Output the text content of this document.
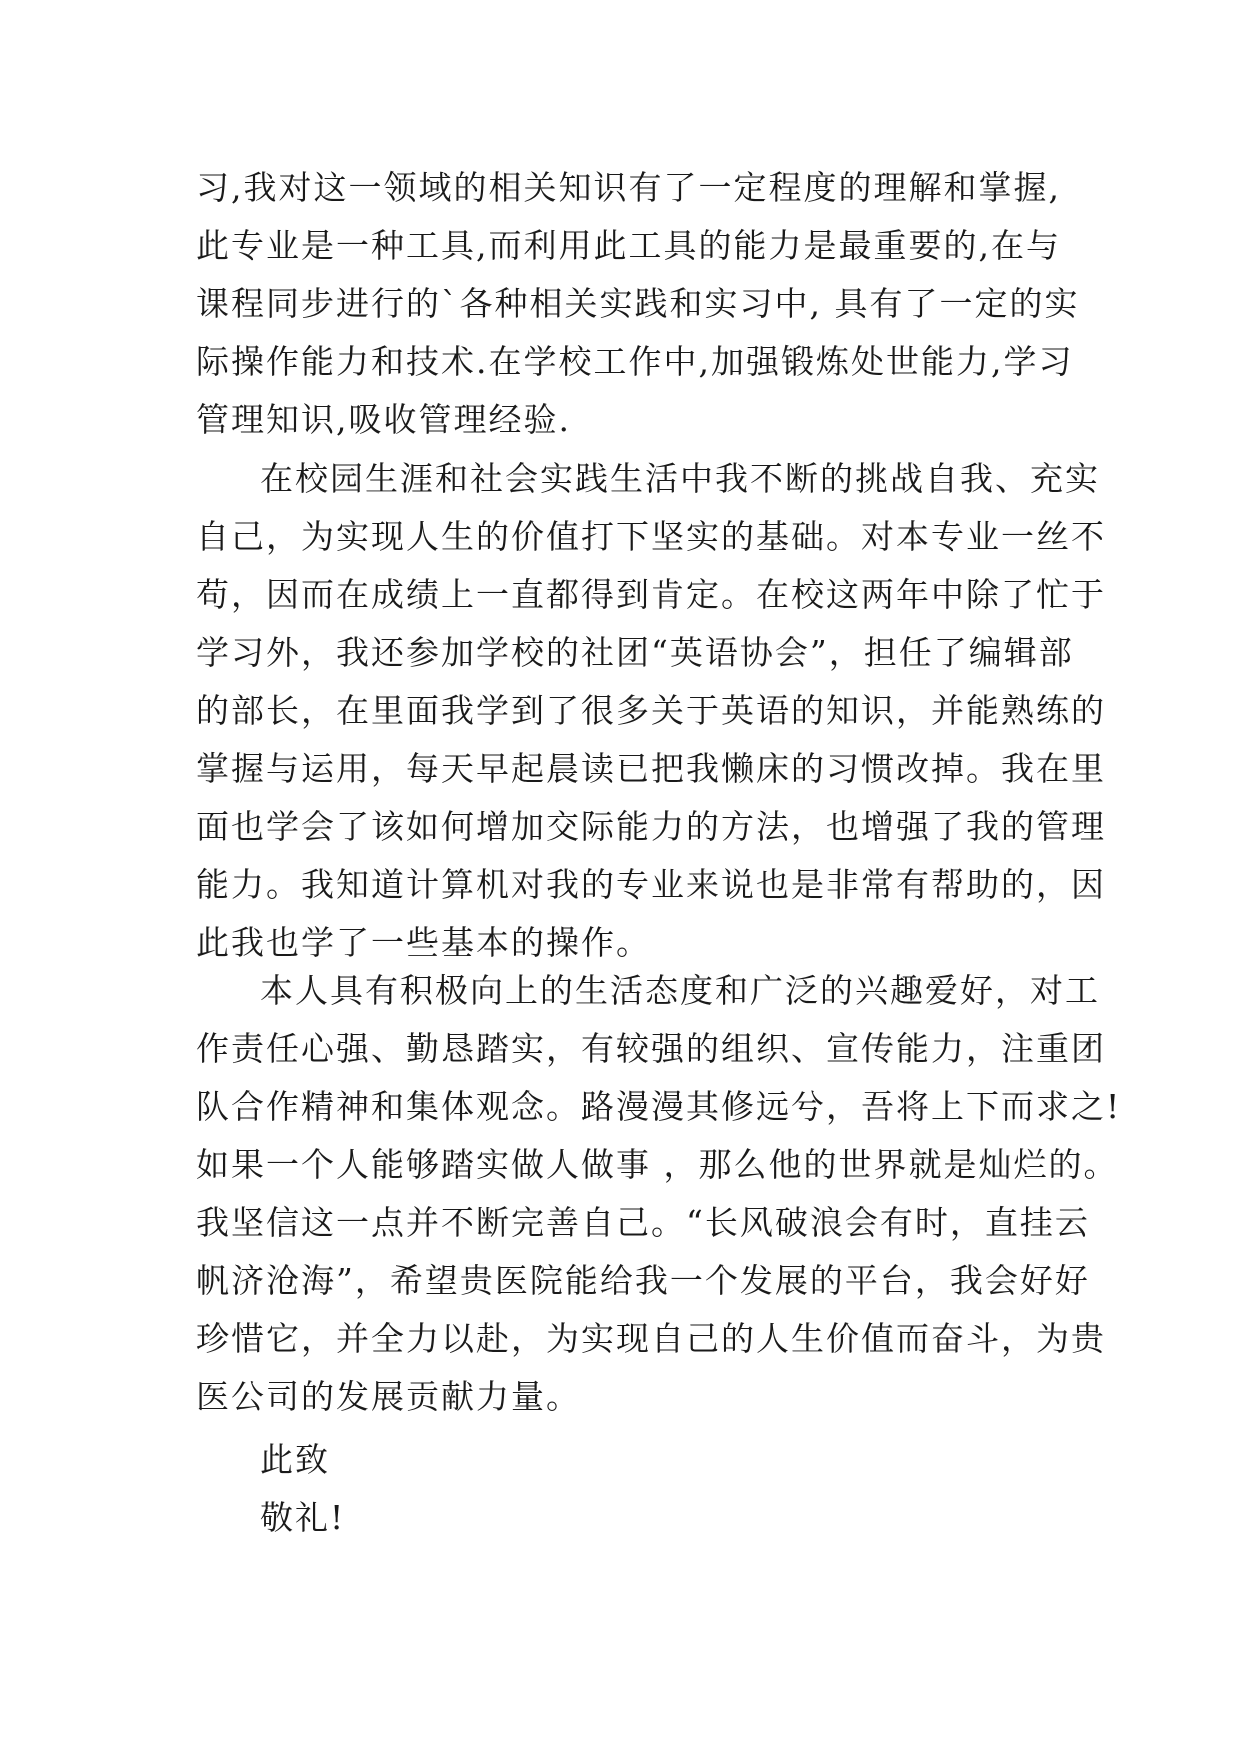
习,我对这一领域的相关知识有了一定程度的理解和掌握,
此专业是一种工具,而利用此工具的能力是最重要的,在与
课程同步进行的`各种相关实践和实习中, 具有了一定的实
际操作能力和技术.在学校工作中,加强锻炼处世能力,学习
管理知识,吸收管理经验.
在校园生涯和社会实践生活中我不断的挑战自我、充实
自己，为实现人生的价值打下坚实的基础。对本专业一丝不
苟，因而在成绩上一直都得到肯定。在校这两年中除了忙于
学习外，我还参加学校的社团“英语协会”，担任了编辑部
的部长，在里面我学到了很多关于英语的知识，并能熟练的
掌握与运用，每天早起晨读已把我懒床的习惯改掉。我在里
面也学会了该如何增加交际能力的方法，也增强了我的管理
能力。我知道计算机对我的专业来说也是非常有帮助的，因
此我也学了一些基本的操作。
本人具有积极向上的生活态度和广泛的兴趣爱好，对工
作责任心强、勤恳踏实，有较强的组织、宣传能力，注重团
队合作精神和集体观念。路漫漫其修远兮，吾将上下而求之!
如果一个人能够踏实做人做事 ，那么他的世界就是灿烂的。
我坚信这一点并不断完善自己。“长风破浪会有时，直挂云
帆济沧海”，希望贵医院能给我一个发展的平台，我会好好
珍惜它，并全力以赴，为实现自己的人生价值而奋斗，为贵
医公司的发展贡献力量。
此致
敬礼!
